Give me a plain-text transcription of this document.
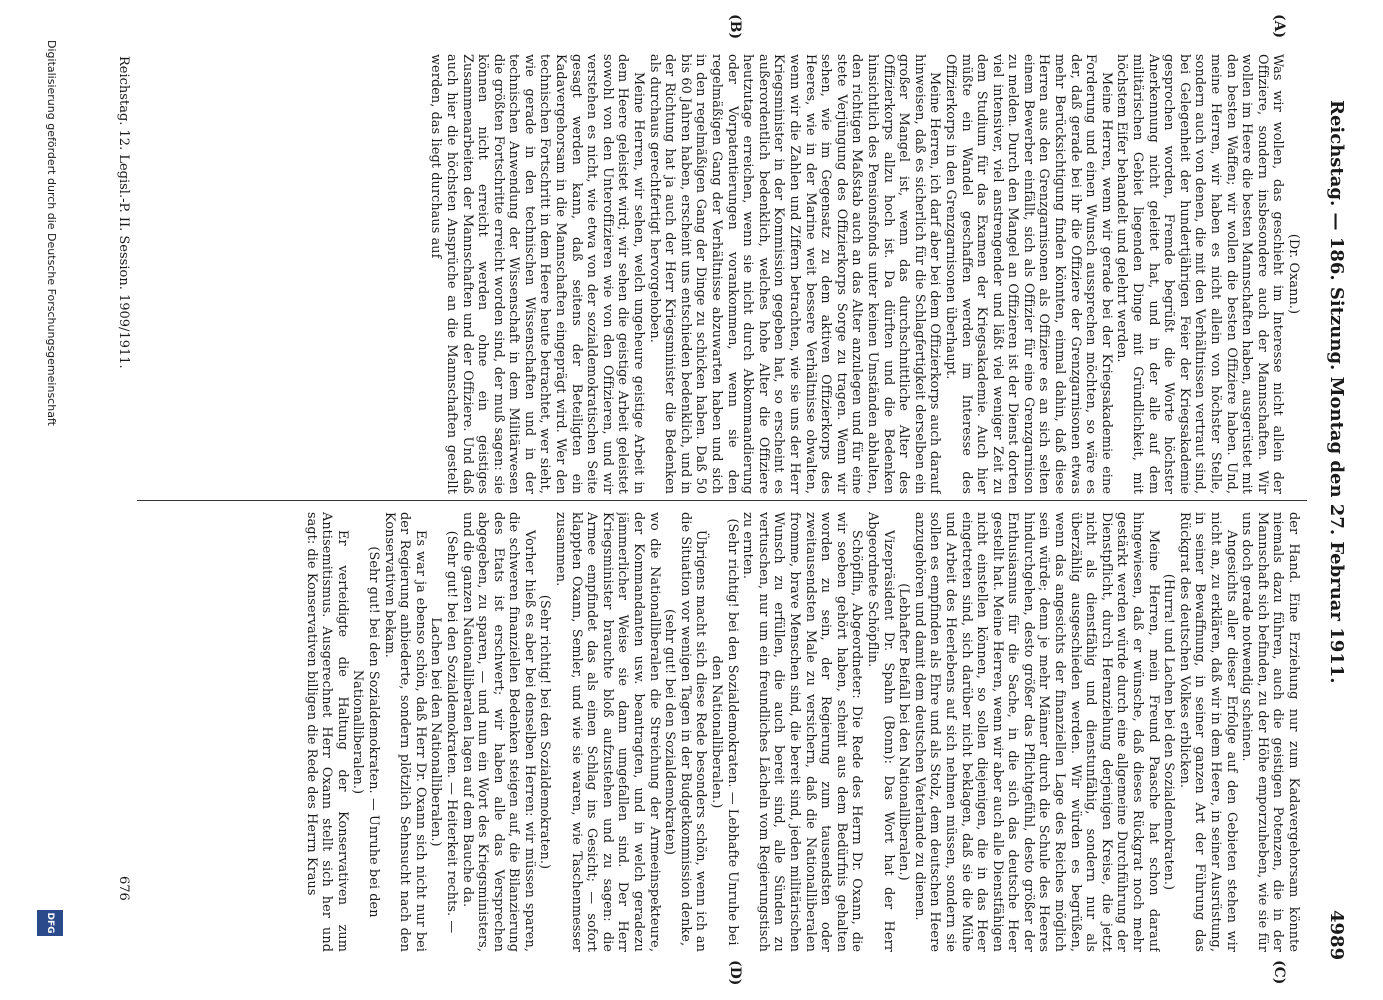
Reichstag. — 186. Sitzung. Montag den 27. Februar 1911.
4989
(A)
(B)
(C)
(D)

(Dr. Oxann.)

Was wir wollen, das geschieht im Interesse nicht allein der Offiziere, sondern insbesondere auch der Mannschaften. Wir wollen im Heere die besten Mannschaften haben, ausgerüstet mit den besten Waffen; wir wollen die besten Offiziere haben. Und, meine Herren, wir haben es nicht allein von höchster Stelle, sondern auch von denen, die mit den Verhältnissen vertraut sind, bei Gelegenheit der hundertjährigen Feier der Kriegsakademie gesprochen worden, Fremde begrüßt die Worte höchster Anerkennung nicht geleitet hat, und in der alle auf dem militärischen Gebiet liegenden Dinge mit Gründlichkeit, mit höchstem Eifer behandelt und gelehrt werden.

Meine Herren, wenn wir gerade bei der Kriegsakademie eine Forderung und einen Wunsch aussprechen möchten, so wäre es der, daß gerade bei ihr die Offiziere der Grenzgarnisonen etwas mehr Berücksichtigung finden könnten, einmal dahin, daß diese Herren aus den Grenzgarnisonen als Offiziere es an sich selten einem Bewerber einfällt, sich als Offizier für eine Grenzgarnison zu melden. Durch den Mangel an Offizieren ist der Dienst dorten viel intensiver, viel anstrengender und läßt viel weniger Zeit zu dem Studium für das Examen der Kriegsakademie. Auch hier müßte ein Wandel geschaffen werden im Interesse des Offizierkorps in den Grenzgarnisonen überhaupt.

Meine Herren, ich darf aber bei dem Offizierkorps auch darauf hinweisen, daß es sicherlich für die Schlagfertigkeit derselben ein großer Mangel ist, wenn das durchschnittliche Alter des Offizierkorps allzu hoch ist. Da dürften und die Bedenken hinsichtlich des Pensionsfonds unter keinen Umständen abhalten, den richtigen Maßstab auch an das Alter anzulegen und für eine stete Verjüngung des Offizierkorps Sorge zu tragen. Wenn wir sehen, wie im Gegensatz zu dem aktiven Offizierkorps des Heeres, wie in der Marine weit bessere Verhältnisse obwalten, wenn wir die Zahlen und Ziffern betrachten, wie sie uns der Herr Kriegsminister in der Kommission gegeben hat, so erscheint es außerordentlich bedenklich, welches hohe Alter die Offiziere heutzutage erreichen, wenn sie nicht durch Abkommandierung oder Vorpatentierungen vorankommen, wenn sie den regelmäßigen Gang der Verhältnisse abzuwarten haben und sich in den regelmäßigen Gang der Dinge zu schicken haben. Daß 50 bis 60 Jahren haben, erscheint uns entschieden bedenklich, und in der Richtung hat ja auch der Herr Kriegsminister die Bedenken als durchaus gerechtfertigt hervorgehoben.

Meine Herren, wir sehen, welch ungeheure geistige Arbeit in dem Heere geleistet wird; wir sehen die geistige Arbeit geleistet sowohl von den Unteroffizieren wie von den Offizieren, und wir verstehen es nicht, wie etwa von der sozialdemokratischen Seite gesagt werden kann, daß seitens der Beteiligten ein Kadavergehorsam in die Mannschaften eingeprägt wird. Wer den technischen Fortschritt in dem Heere heute betrachtet, wer sieht, wie gerade in den technischen Wissenschaften und in der technischen Anwendung der Wissenschaft in dem Militärwesen die größten Fortschritte erreicht worden sind, der muß sagen: sie können nicht erreicht werden ohne ein geistiges Zusammenarbeiten der Mannschaften und der Offiziere. Und daß auch hier die höchsten Ansprüche an die Mannschaften gestellt werden, das liegt durchaus auf

der Hand. Eine Erziehung nur zum Kadavergehorsam könnte niemals dazu führen, auch die geistigen Potenzen, die in der Mannschaft sich befinden, zu der Höhe emporzuheben, wie sie für uns doch gerade notwendig scheinen.

Angesichts aller dieser Erfolge auf den Gebieten stehen wir nicht an, zu erklären, daß wir in dem Heere, in seiner Ausrüstung, in seiner Bewaffnung, in seiner ganzen Art der Führung das Rückgrat des deutschen Volkes erblicken.

(Hurra! und Lachen bei den Sozialdemokraten.)

Meine Herren, mein Freund Paasche hat schon darauf hingewiesen, daß er wünsche, daß dieses Rückgrat noch mehr gestärkt werden würde durch eine allgemeine Durchführung der Dienstpflicht, durch Heranziehung derjenigen Kreise, die jetzt nicht als dienstfähig und dienstunfähig, sondern nur als überzählig ausgeschieden werden. Wir würden es begrüßen, wenn das angesichts der finanziellen Lage des Reiches möglich sein würde; denn je mehr Männer durch die Schule des Heeres hindurchgehen, desto größer das Pflichtgefühl, desto größer der Enthusiasmus für die Sache, in die sich das deutsche Heer gestellt hat. Meine Herren, wenn wir aber auch alle Dienstfähigen nicht einstellen können, so sollen diejenigen, die in das Heer eingetreten sind, sich darüber nicht beklagen, daß sie die Mühe und Arbeit des Heerlebens auf sich nehmen müssen, sondern sie sollen es empfinden als Ehre und als Stolz, dem deutschen Heere anzugehören und damit dem deutschen Vaterlande zu dienen.

(Lebhafter Beifall bei den Nationalliberalen.)

Vizepräsident Dr. Spahn (Bonn): Das Wort hat der Herr Abgeordnete Schöpflin.

Schöpflin, Abgeordneter: Die Rede des Herrn Dr. Oxann, die wir soeben gehört haben, scheint aus dem Bedürfnis gehalten worden zu sein, der Regierung zum tausendsten oder zweitausendsten Male zu versichern, daß die Nationalliberalen fromme, brave Menschen sind, die bereit sind, jeden militärischen Wunsch zu erfüllen, die auch bereit sind, alle Sünden zu vertuschen, nur um ein freundliches Lächeln vom Regierungstisch zu ernten.

(Sehr richtig! bei den Sozialdemokraten. — Lebhafte Unruhe bei den Nationalliberalen.)

Übrigens macht sich diese Rede besonders schön, wenn ich an die Situation vor wenigen Tagen in der Budgetkommission denke,

(sehr gut! bei den Sozialdemokraten)

wo die Nationalliberalen die Streichung der Armeeinspekteure, der Kommandanten usw. beantragten, und in welch geradezu jämmerlicher Weise sie dann umgefallen sind. Der Herr Kriegsminister brauchte bloß aufzustehen und zu sagen: die Armee empfindet das als einen Schlag ins Gesicht; — sofort klappten Oxann, Semler, und wie sie waren, wie Taschenmesser zusammen.

(Sehr richtig! bei den Sozialdemokraten.)

Vorher hieß es aber bei denselben Herren: wir müssen sparen, die schweren finanziellen Bedenken steigen auf, die Bilanzierung des Etats ist erschwert; wir haben alle das Versprechen abgegeben, zu sparen, — und nun ein Wort des Kriegsministers, und die ganzen Nationalliberalen lagen auf dem Bauche da.

(Sehr gut! bei den Sozialdemokraten. — Heiterkeit rechts. — Lachen bei den Nationalliberalen.)

Es war ja ebenso schön, daß Herr Dr. Oxann sich nicht nur bei der Regierung anbiederte, sondern plötzlich Sehnsucht nach den Konservativen bekam.

(Sehr gut! bei den Sozialdemokraten. — Unruhe bei den Nationalliberalen.)

Er verteidigte die Haltung der Konservativen zum Antisemitismus. Ausgerechnet Herr Oxann stellt sich her und sagt: die Konservativen billigen die Rede des Herrn Kraus

Reichstag. 12. Legisl.-P. II. Session. 1909/1911.
676
Digitalisierung gefördert durch die Deutsche Forschungsgemeinschaft
DFG
